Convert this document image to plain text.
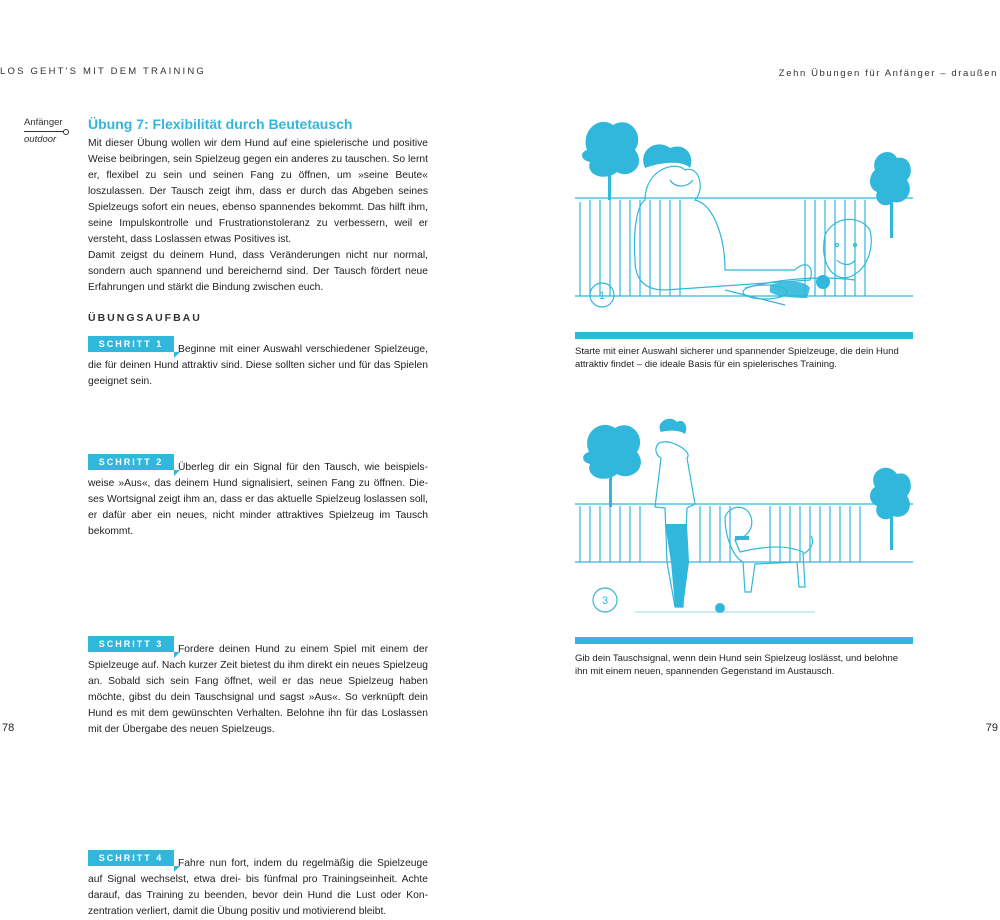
LOS GEHT'S MIT DEM TRAINING	Zehn Übungen für Anfänger – draußen
Anfänger
outdoor
Übung 7: Flexibilität durch Beutetausch

Mit dieser Übung wollen wir dem Hund auf eine spielerische und positive Weise beibringen, sein Spielzeug gegen ein anderes zu tauschen. So lernt er, flexibel zu sein und seinen Fang zu öffnen, um »seine Beute« loszulassen. Der Tausch zeigt ihm, dass er durch das Abgeben seines Spielzeugs sofort ein neues, ebenso spannendes bekommt. Das hilft ihm, seine Impulskontrolle und Frustrationstoleranz zu verbessern, weil er versteht, dass Loslassen etwas Positives ist.

Damit zeigst du deinem Hund, dass Veränderungen nicht nur normal, sondern auch spannend und bereichernd sind. Der Tausch fördert neue Erfahrungen und stärkt die Bindung zwischen euch.

ÜBUNGSAUFBAU
SCHRITT 1	Beginne mit einer Auswahl verschiedener Spielzeuge, die für deinen Hund attraktiv sind. Diese sollten sicher und für das Spielen geeignet sein.
SCHRITT 2	Überleg dir ein Signal für den Tausch, wie beispielsweise »Aus«, das deinem Hund signalisiert, seinen Fang zu öffnen. Dieses Wortsignal zeigt ihm an, dass er das aktuelle Spielzeug loslassen soll, er dafür aber ein neues, nicht minder attraktives Spielzeug im Tausch bekommt.
SCHRITT 3	Fordere deinen Hund zu einem Spiel mit einem der Spielzeuge auf. Nach kurzer Zeit bietest du ihm direkt ein neues Spielzeug an. Sobald sich sein Fang öffnet, weil er das neue Spielzeug haben möchte, gibst du dein Tauschsignal und sagst »Aus«. So verknüpft dein Hund es mit dem gewünschten Verhalten. Belohne ihn für das Loslassen mit der Übergabe des neuen Spielzeugs.
SCHRITT 4	Fahre nun fort, indem du regelmäßig die Spielzeuge auf Signal wechselst, etwa drei- bis fünfmal pro Trainingseinheit. Achte darauf, das Training zu beenden, bevor dein Hund die Lust oder Konzentration verliert, damit die Übung positiv und motivierend bleibt.
1
Starte mit einer Auswahl sicherer und spannender Spielzeuge, die dein Hund attraktiv findet – die ideale Basis für ein spielerisches Training.
3
Gib dein Tauschsignal, wenn dein Hund sein Spielzeug loslässt, und belohne ihn mit einem neuen, spannenden Gegenstand im Austausch.
78	79
